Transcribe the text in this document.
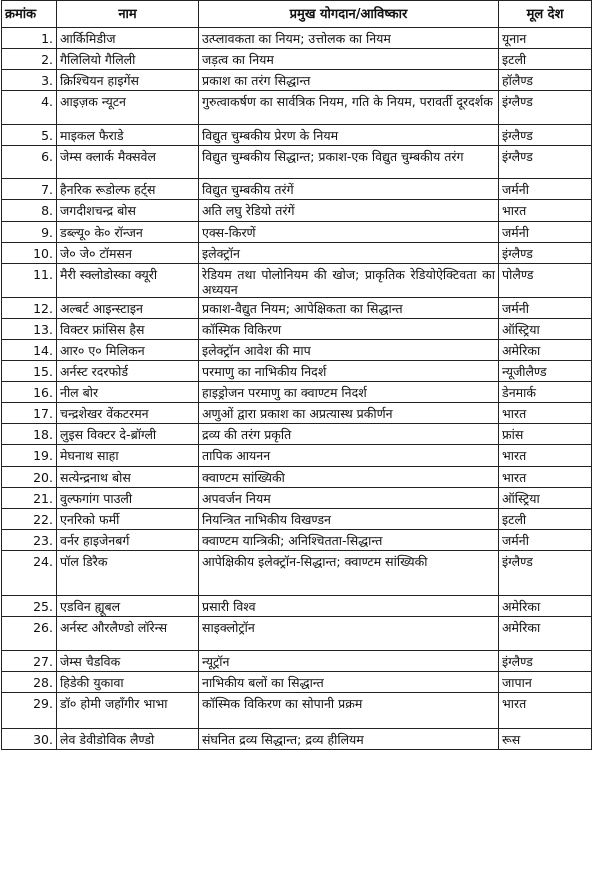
क्रमांक	नाम	प्रमुख योगदान/आविष्कार	मूल देश
1.	आर्किमिडीज	उत्प्लावकता का नियम; उत्तोलक का नियम	यूनान
2.	गैलिलियो गैलिली	जड़त्व का नियम	इटली
3.	क्रिश्चियन हाइगेंस	प्रकाश का तरंग सिद्धान्त	हॉलैण्ड
4.	आइज़क न्यूटन	गुरुत्वाकर्षण का सार्वत्रिक नियम, गति के नियम, परावर्ती दूरदर्शक	इंग्लैण्ड
5.	माइकल फैराडे	विद्युत चुम्बकीय प्रेरण के नियम	इंग्लैण्ड
6.	जेम्स क्लार्क मैक्सवेल	विद्युत चुम्बकीय सिद्धान्त; प्रकाश-एक विद्युत चुम्बकीय तरंग	इंग्लैण्ड
7.	हैनरिक रूडोल्फ हर्ट्स	विद्युत चुम्बकीय तरंगें	जर्मनी
8.	जगदीशचन्द्र बोस	अति लघु रेडियो तरंगें	भारत
9.	डब्ल्यू० के० रॉन्जन	एक्स-किरणें	जर्मनी
10.	जे० जे० टॉमसन	इलेक्ट्रॉन	इंग्लैण्ड
11.	मैरी स्क्लोडोस्का क्यूरी	रेडियम तथा पोलोनियम की खोज; प्राकृतिक रेडियोऐक्टिवता का अध्ययन	पोलैण्ड
12.	अल्बर्ट आइन्स्टाइन	प्रकाश-वैद्युत नियम; आपेक्षिकता का सिद्धान्त	जर्मनी
13.	विक्टर फ्रांसिस हैस	कॉस्मिक विकिरण	ऑस्ट्रिया
14.	आर० ए० मिलिकन	इलेक्ट्रॉन आवेश की माप	अमेरिका
15.	अर्नस्ट रदरफोर्ड	परमाणु का नाभिकीय निदर्श	न्यूजीलैण्ड
16.	नील बोर	हाइड्रोजन परमाणु का क्वाण्टम निदर्श	डेनमार्क
17.	चन्द्रशेखर वेंकटरमन	अणुओं द्वारा प्रकाश का अप्रत्यास्थ प्रकीर्णन	भारत
18.	लुइस विक्टर दे-ब्रॉग्ली	द्रव्य की तरंग प्रकृति	फ्रांस
19.	मेघनाथ साहा	तापिक आयनन	भारत
20.	सत्येन्द्रनाथ बोस	क्वाण्टम सांख्यिकी	भारत
21.	वुल्फगांग पाउली	अपवर्जन नियम	ऑस्ट्रिया
22.	एनरिको फर्मी	नियन्त्रित नाभिकीय विखण्डन	इटली
23.	वर्नर हाइजेनबर्ग	क्वाण्टम यान्त्रिकी; अनिश्चितता-सिद्धान्त	जर्मनी
24.	पॉल डिरैक	आपेक्षिकीय इलेक्ट्रॉन-सिद्धान्त; क्वाण्टम सांख्यिकी	इंग्लैण्ड
25.	एडविन ह्यूबल	प्रसारी विश्व	अमेरिका
26.	अर्नस्ट औरलैण्डो लॉरेन्स	साइक्लोट्रॉन	अमेरिका
27.	जेम्स चैडविक	न्यूट्रॉन	इंग्लैण्ड
28.	हिडेकी युकावा	नाभिकीय बलों का सिद्धान्त	जापान
29.	डॉ० होमी जहाँगीर भाभा	कॉस्मिक विकिरण का सोपानी प्रक्रम	भारत
30.	लेव डेवीडोविक लैण्डो	संघनित द्रव्य सिद्धान्त; द्रव्य हीलियम	रूस
